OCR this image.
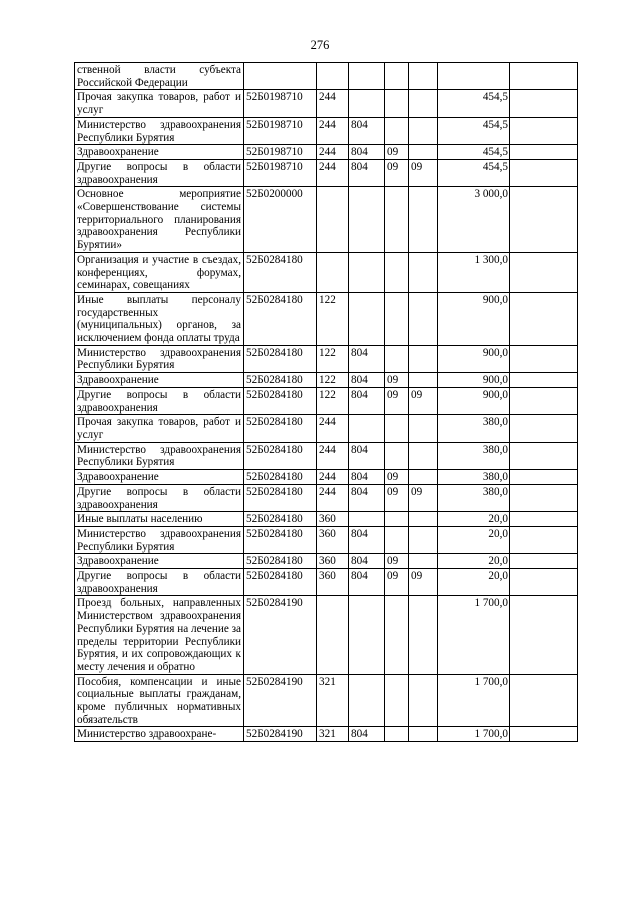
276
ственной власти субъекта Российской Федерации							
Прочая закупка товаров, работ и услуг	52Б0198710	244				454,5	
Министерство здравоохранения Республики Бурятия	52Б0198710	244	804			454,5	
Здравоохранение	52Б0198710	244	804	09		454,5	
Другие вопросы в области здравоохранения	52Б0198710	244	804	09	09	454,5	
Основное мероприятие «Совершенствование системы территориального планирования здравоохранения Республики Бурятии»	52Б0200000					3 000,0	
Организация и участие в съездах, конференциях, форумах, семинарах, совещаниях	52Б0284180					1 300,0	
Иные выплаты персоналу государственных (муниципальных) органов, за исключением фонда оплаты труда	52Б0284180	122				900,0	
Министерство здравоохранения Республики Бурятия	52Б0284180	122	804			900,0	
Здравоохранение	52Б0284180	122	804	09		900,0	
Другие вопросы в области здравоохранения	52Б0284180	122	804	09	09	900,0	
Прочая закупка товаров, работ и услуг	52Б0284180	244				380,0	
Министерство здравоохранения Республики Бурятия	52Б0284180	244	804			380,0	
Здравоохранение	52Б0284180	244	804	09		380,0	
Другие вопросы в области здравоохранения	52Б0284180	244	804	09	09	380,0	
Иные выплаты населению	52Б0284180	360				20,0	
Министерство здравоохранения Республики Бурятия	52Б0284180	360	804			20,0	
Здравоохранение	52Б0284180	360	804	09		20,0	
Другие вопросы в области здравоохранения	52Б0284180	360	804	09	09	20,0	
Проезд больных, направленных Министерством здравоохранения Республики Бурятия на лечение за пределы территории Республики Бурятия, и их сопровождающих к месту лечения и обратно	52Б0284190					1 700,0	
Пособия, компенсации и иные социальные выплаты гражданам, кроме публичных нормативных обязательств	52Б0284190	321				1 700,0	
Министерство здравоохране-	52Б0284190	321	804			1 700,0	
